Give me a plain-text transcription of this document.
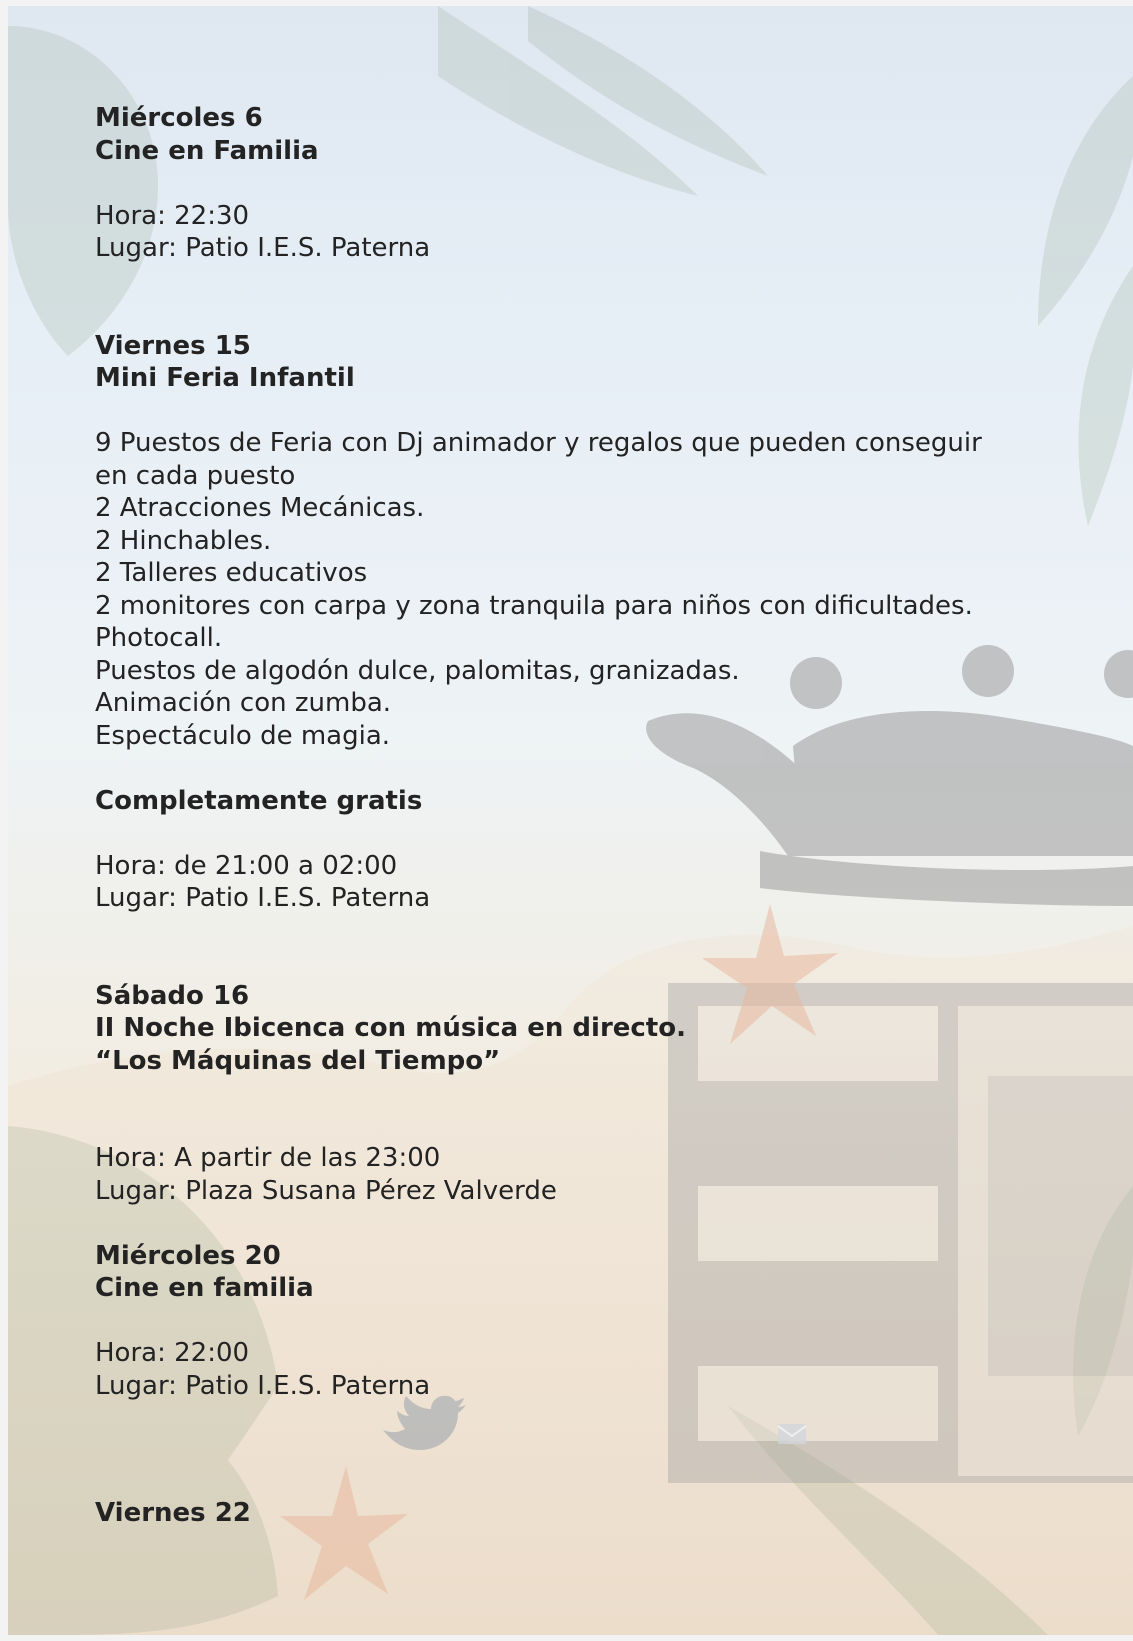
Miércoles 6
Cine en Familia
Hora: 22:30
Lugar: Patio I.E.S. Paterna
Viernes 15
Mini Feria Infantil
9 Puestos de Feria con Dj animador y regalos que pueden conseguir
en cada puesto
2 Atracciones Mecánicas.
2 Hinchables.
2 Talleres educativos
2 monitores con carpa y zona tranquila para niños con dificultades.
Photocall.
Puestos de algodón dulce, palomitas, granizadas.
Animación con zumba.
Espectáculo de magia.
Completamente gratis
Hora: de 21:00 a 02:00
Lugar: Patio I.E.S. Paterna
Sábado 16
II Noche Ibicenca con música en directo.
“Los Máquinas del Tiempo”
Hora: A partir de las 23:00
Lugar: Plaza Susana Pérez Valverde
Miércoles 20
Cine en familia
Hora: 22:00
Lugar: Patio I.E.S. Paterna
Viernes 22
